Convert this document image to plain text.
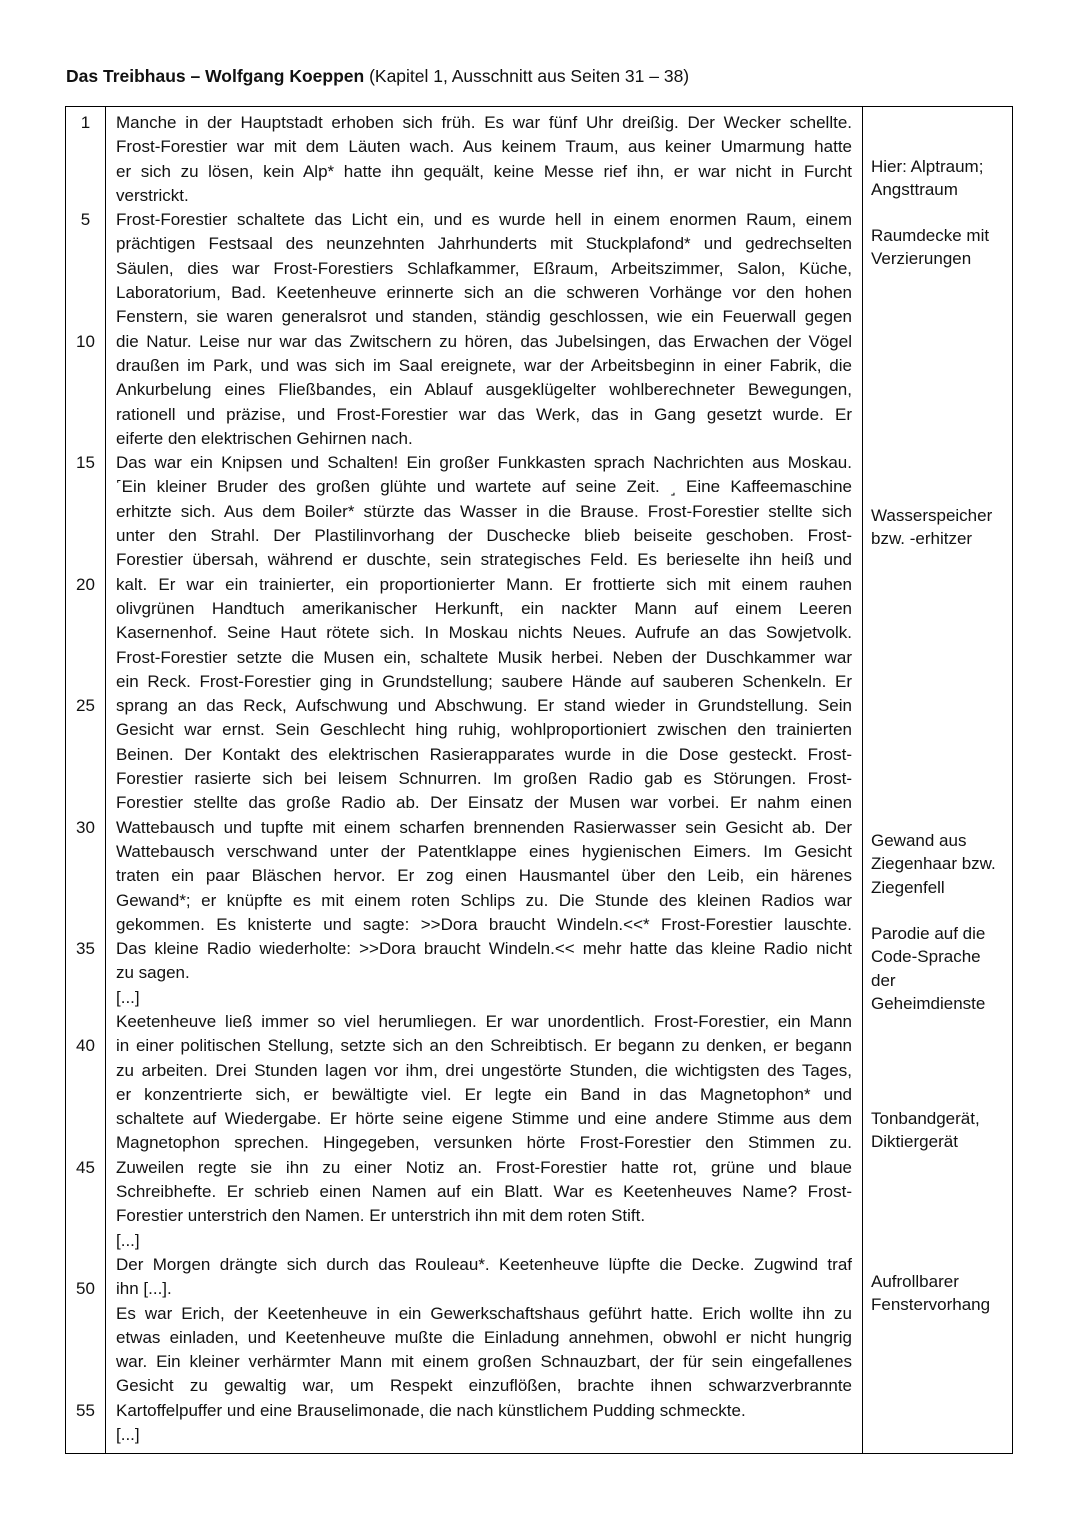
Das Treibhaus – Wolfgang Koeppen (Kapitel 1, Ausschnitt aus Seiten 31 – 38)
1
5
10
15
20
25
30
35
40
45
50
55
Manche in der Hauptstadt erhoben sich früh. Es war fünf Uhr dreißig. Der Wecker schellte.
Frost-Forestier war mit dem Läuten wach. Aus keinem Traum, aus keiner Umarmung hatte
er sich zu lösen, kein Alp* hatte ihn gequält, keine Messe rief ihn, er war nicht in Furcht
verstrickt.
Frost-Forestier schaltete das Licht ein, und es wurde hell in einem enormen Raum, einem
prächtigen Festsaal des neunzehnten Jahrhunderts mit Stuckplafond* und gedrechselten
Säulen, dies war Frost-Forestiers Schlafkammer, Eßraum, Arbeitszimmer, Salon, Küche,
Laboratorium, Bad. Keetenheuve erinnerte sich an die schweren Vorhänge vor den hohen
Fenstern, sie waren generalsrot und standen, ständig geschlossen, wie ein Feuerwall gegen
die Natur. Leise nur war das Zwitschern zu hören, das Jubelsingen, das Erwachen der Vögel
draußen im Park, und was sich im Saal ereignete, war der Arbeitsbeginn in einer Fabrik, die
Ankurbelung eines Fließbandes, ein Ablauf ausgeklügelter wohlberechneter Bewegungen,
rationell und präzise, und Frost-Forestier war das Werk, das in Gang gesetzt wurde. Er
eiferte den elektrischen Gehirnen nach.
Das war ein Knipsen und Schalten! Ein großer Funkkasten sprach Nachrichten aus Moskau.
˹Ein kleiner Bruder des großen glühte und wartete auf seine Zeit. ˼ Eine Kaffeemaschine
erhitzte sich. Aus dem Boiler* stürzte das Wasser in die Brause. Frost-Forestier stellte sich
unter den Strahl. Der Plastilinvorhang der Duschecke blieb beiseite geschoben. Frost-
Forestier übersah, während er duschte, sein strategisches Feld. Es berieselte ihn heiß und
kalt. Er war ein trainierter, ein proportionierter Mann. Er frottierte sich mit einem rauhen
olivgrünen Handtuch amerikanischer Herkunft, ein nackter Mann auf einem Leeren
Kasernenhof. Seine Haut rötete sich. In Moskau nichts Neues. Aufrufe an das Sowjetvolk.
Frost-Forestier setzte die Musen ein, schaltete Musik herbei. Neben der Duschkammer war
ein Reck. Frost-Forestier ging in Grundstellung; saubere Hände auf sauberen Schenkeln. Er
sprang an das Reck, Aufschwung und Abschwung. Er stand wieder in Grundstellung. Sein
Gesicht war ernst. Sein Geschlecht hing ruhig, wohlproportioniert zwischen den trainierten
Beinen. Der Kontakt des elektrischen Rasierapparates wurde in die Dose gesteckt. Frost-
Forestier rasierte sich bei leisem Schnurren. Im großen Radio gab es Störungen. Frost-
Forestier stellte das große Radio ab. Der Einsatz der Musen war vorbei. Er nahm einen
Wattebausch und tupfte mit einem scharfen brennenden Rasierwasser sein Gesicht ab. Der
Wattebausch verschwand unter der Patentklappe eines hygienischen Eimers. Im Gesicht
traten ein paar Bläschen hervor. Er zog einen Hausmantel über den Leib, ein härenes
Gewand*; er knüpfte es mit einem roten Schlips zu. Die Stunde des kleinen Radios war
gekommen. Es knisterte und sagte: >>Dora braucht Windeln.<<* Frost-Forestier lauschte.
Das kleine Radio wiederholte: >>Dora braucht Windeln.<< mehr hatte das kleine Radio nicht
zu sagen.
[...]
Keetenheuve ließ immer so viel herumliegen. Er war unordentlich. Frost-Forestier, ein Mann
in einer politischen Stellung, setzte sich an den Schreibtisch. Er begann zu denken, er begann
zu arbeiten. Drei Stunden lagen vor ihm, drei ungestörte Stunden, die wichtigsten des Tages,
er konzentrierte sich, er bewältigte viel. Er legte ein Band in das Magnetophon* und
schaltete auf Wiedergabe. Er hörte seine eigene Stimme und eine andere Stimme aus dem
Magnetophon sprechen. Hingegeben, versunken hörte Frost-Forestier den Stimmen zu.
Zuweilen regte sie ihn zu einer Notiz an. Frost-Forestier hatte rot, grüne und blaue
Schreibhefte. Er schrieb einen Namen auf ein Blatt. War es Keetenheuves Name? Frost-
Forestier unterstrich den Namen. Er unterstrich ihn mit dem roten Stift.
[...]
Der Morgen drängte sich durch das Rouleau*. Keetenheuve lüpfte die Decke. Zugwind traf
ihn [...].
Es war Erich, der Keetenheuve in ein Gewerkschaftshaus geführt hatte. Erich wollte ihn zu
etwas einladen, und Keetenheuve mußte die Einladung annehmen, obwohl er nicht hungrig
war. Ein kleiner verhärmter Mann mit einem großen Schnauzbart, der für sein eingefallenes
Gesicht zu gewaltig war, um Respekt einzuflößen, brachte ihnen schwarzverbrannte
Kartoffelpuffer und eine Brauselimonade, die nach künstlichem Pudding schmeckte.
[...]
Hier: Alptraum;
Angsttraum
Raumdecke mit
Verzierungen
Wasserspeicher
bzw. -erhitzer
Gewand aus
Ziegenhaar bzw.
Ziegenfell
Parodie auf die
Code-Sprache
der
Geheimdienste
Tonbandgerät,
Diktiergerät
Aufrollbarer
Fenstervorhang
